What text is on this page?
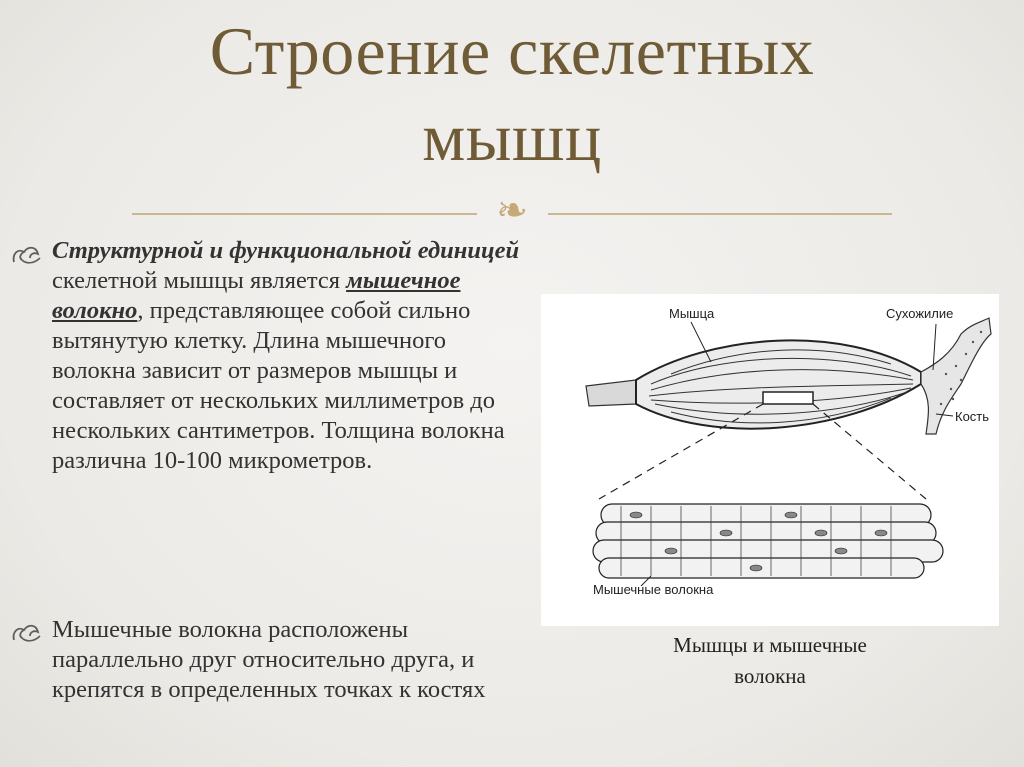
Строение скелетных
мышц
❧
Структурной и функциональной единицей скелетной мышцы является мышечное волокно, представляющее собой сильно вытянутую клетку. Длина мышечного волокна зависит от размеров мышцы и составляет от нескольких миллиметров до нескольких сантиметров. Толщина волокна различна 10-100 микрометров.
Мышечные волокна расположены параллельно друг относительно друга, и крепятся в определенных точках к костях
Мышца	Сухожилие
Кость
Мышечные волокна
Мышцы и мышечные
волокна
